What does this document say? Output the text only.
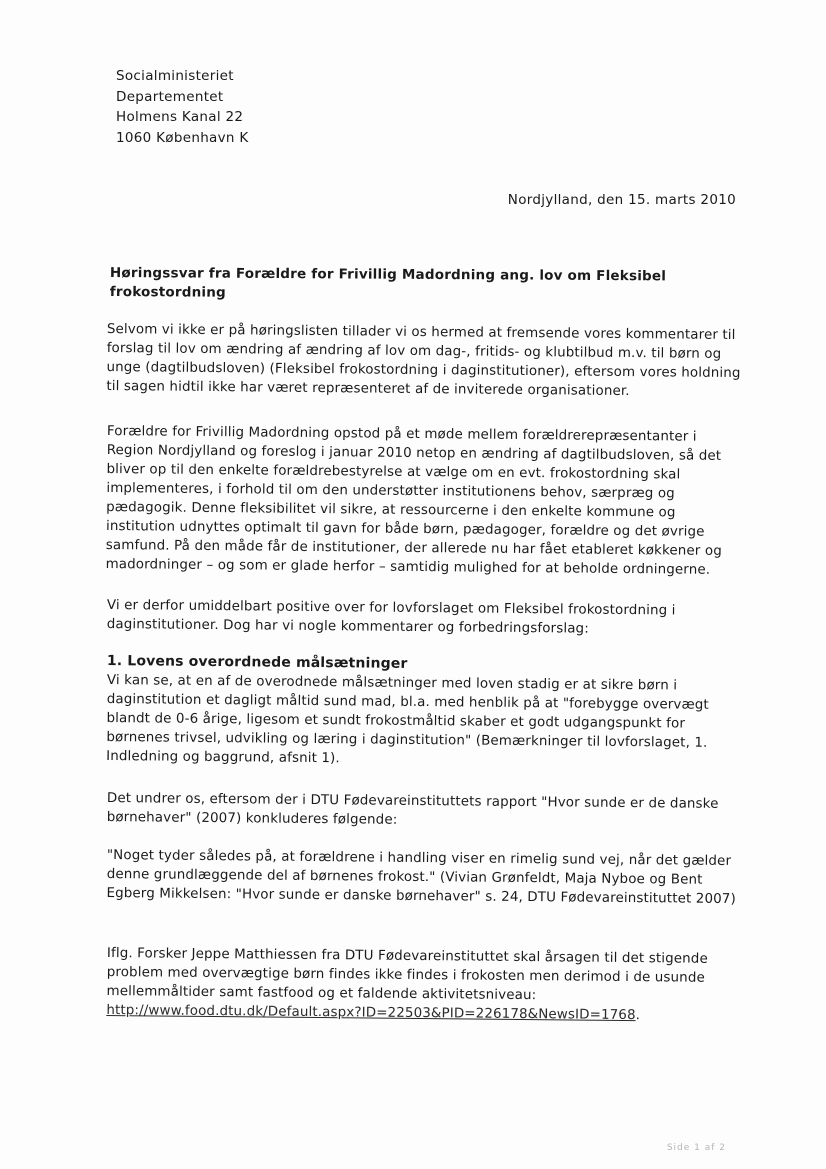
Socialministeriet
Departementet
Holmens Kanal 22
1060 København K
Nordjylland, den 15. marts 2010
Høringssvar fra Forældre for Frivillig Madordning ang. lov om Fleksibel frokostordning
Selvom vi ikke er på høringslisten tillader vi os hermed at fremsende vores kommentarer til forslag til lov om ændring af ændring af lov om dag-, fritids- og klubtilbud m.v. til børn og unge (dagtilbudsloven) (Fleksibel frokostordning i daginstitutioner), eftersom vores holdning til sagen hidtil ikke har været repræsenteret af de inviterede organisationer.
Forældre for Frivillig Madordning opstod på et møde mellem forældrerepræsentanter i Region Nordjylland og foreslog i januar 2010 netop en ændring af dagtilbudsloven, så det bliver op til den enkelte forældrebestyrelse at vælge om en evt. frokostordning skal implementeres, i forhold til om den understøtter institutionens behov, særpræg og pædagogik. Denne fleksibilitet vil sikre, at ressourcerne i den enkelte kommune og institution udnyttes optimalt til gavn for både børn, pædagoger, forældre og det øvrige samfund. På den måde får de institutioner, der allerede nu har fået etableret køkkener og madordninger – og som er glade herfor – samtidig mulighed for at beholde ordningerne.
Vi er derfor umiddelbart positive over for lovforslaget om Fleksibel frokostordning i daginstitutioner. Dog har vi nogle kommentarer og forbedringsforslag:
1. Lovens overordnede målsætninger
Vi kan se, at en af de overodnede målsætninger med loven stadig er at sikre børn i daginstitution et dagligt måltid sund mad, bl.a. med henblik på at "forebygge overvægt blandt de 0-6 årige, ligesom et sundt frokostmåltid skaber et godt udgangspunkt for børnenes trivsel, udvikling og læring i daginstitution" (Bemærkninger til lovforslaget, 1. Indledning og baggrund, afsnit 1).
Det undrer os, eftersom der i DTU Fødevareinstituttets rapport "Hvor sunde er de danske børnehaver" (2007) konkluderes følgende:
"Noget tyder således på, at forældrene i handling viser en rimelig sund vej, når det gælder denne grundlæggende del af børnenes frokost." (Vivian Grønfeldt, Maja Nyboe og Bent Egberg Mikkelsen: "Hvor sunde er danske børnehaver" s. 24, DTU Fødevareinstituttet 2007)
Iflg. Forsker Jeppe Matthiessen fra DTU Fødevareinstituttet skal årsagen til det stigende problem med overvægtige børn findes ikke findes i frokosten men derimod i de usunde mellemmåltider samt fastfood og et faldende aktivitetsniveau: http://www.food.dtu.dk/Default.aspx?ID=22503&PID=226178&NewsID=1768.
Side 1 af 2
